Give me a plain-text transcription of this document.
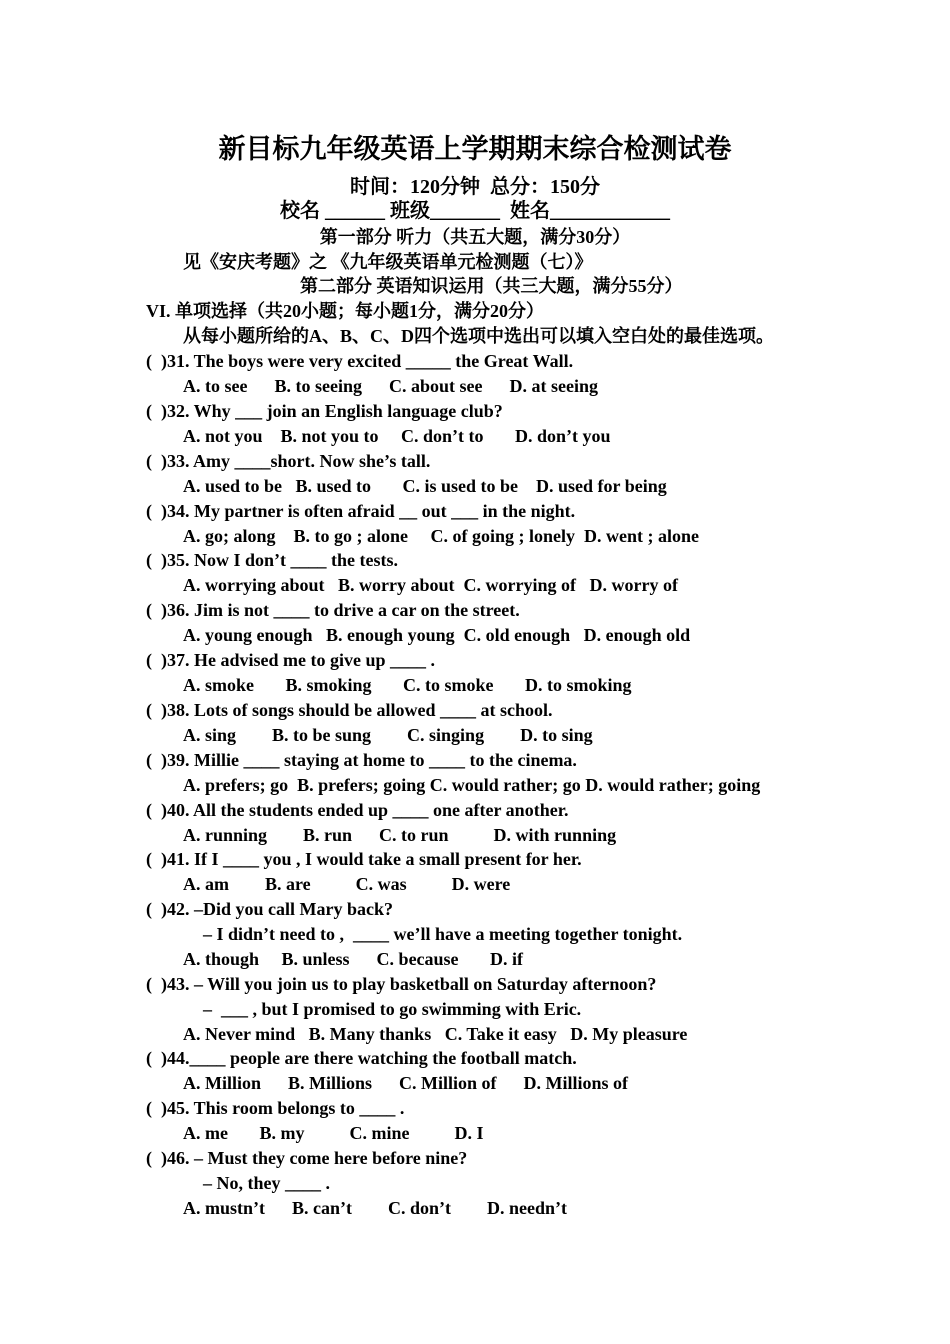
新目标九年级英语上学期期末综合检测试卷
时间：120分钟  总分：150分
校名 ______ 班级_______  姓名____________
第一部分 听力（共五大题，满分30分）
见《安庆考题》之 《九年级英语单元检测题（七）》
第二部分 英语知识运用（共三大题，满分55分）
VI. 单项选择（共20小题；每小题1分，满分20分）
从每小题所给的A、B、C、D四个选项中选出可以填入空白处的最佳选项。
(  )31. The boys were very excited _____ the Great Wall.
A. to see      B. to seeing      C. about see      D. at seeing
(  )32. Why ___ join an English language club?
A. not you    B. not you to     C. don’t to       D. don’t you
(  )33. Amy ____short. Now she’s tall.
A. used to be   B. used to       C. is used to be    D. used for being
(  )34. My partner is often afraid __ out ___ in the night.
A. go; along    B. to go ; alone     C. of going ; lonely  D. went ; alone
(  )35. Now I don’t ____ the tests.
A. worrying about   B. worry about  C. worrying of   D. worry of
(  )36. Jim is not ____ to drive a car on the street.
A. young enough   B. enough young  C. old enough   D. enough old
(  )37. He advised me to give up ____ .
A. smoke       B. smoking       C. to smoke       D. to smoking
(  )38. Lots of songs should be allowed ____ at school.
A. sing        B. to be sung        C. singing        D. to sing
(  )39. Millie ____ staying at home to ____ to the cinema.
A. prefers; go  B. prefers; going C. would rather; go D. would rather; going
(  )40. All the students ended up ____ one after another.
A. running        B. run      C. to run          D. with running
(  )41. If I ____ you , I would take a small present for her.
A. am        B. are          C. was          D. were
(  )42. –Did you call Mary back?
– I didn’t need to ,  ____ we’ll have a meeting together tonight.
A. though     B. unless      C. because       D. if
(  )43. – Will you join us to play basketball on Saturday afternoon?
–  ___ , but I promised to go swimming with Eric.
A. Never mind   B. Many thanks   C. Take it easy   D. My pleasure
(  )44.____ people are there watching the football match.
A. Million      B. Millions      C. Million of      D. Millions of
(  )45. This room belongs to ____ .
A. me       B. my          C. mine          D. I
(  )46. – Must they come here before nine?
– No, they ____ .
A. mustn’t      B. can’t        C. don’t        D. needn’t
